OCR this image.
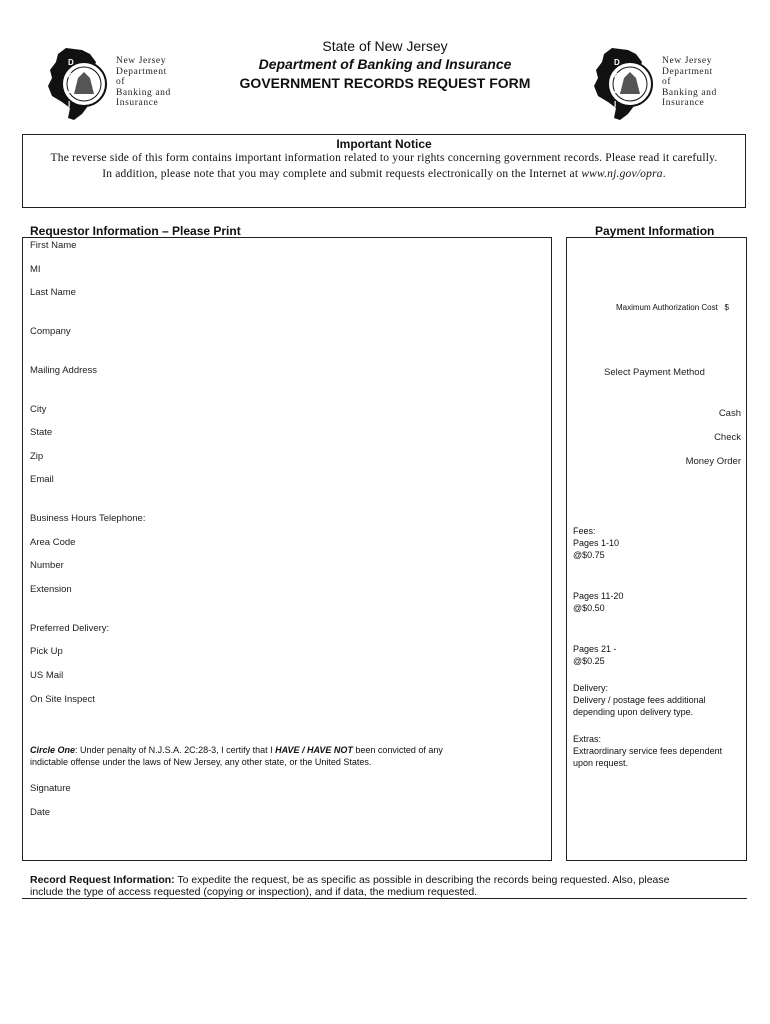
D
O
B
I
New Jersey
Department
of
Banking and
Insurance
D
O
B
I
New Jersey
Department
of
Banking and
Insurance
State of New Jersey
Department of Banking and Insurance
GOVERNMENT RECORDS REQUEST FORM
Important Notice
The reverse side of this form contains important information related to your rights concerning government records. Please read it carefully.
In addition, please note that you may complete and submit requests electronically on the Internet at www.nj.gov/opra.
Requestor Information – Please Print	Payment Information
First Name
MI
Last Name
Company
Mailing Address
City
State
Zip
Email
Business Hours Telephone:
Area Code
Number
Extension
Preferred Delivery:
Pick Up
US Mail
On Site Inspect
Circle One: Under penalty of N.J.S.A. 2C:28-3, I certify that I HAVE / HAVE NOT been convicted of any
indictable offense under the laws of New Jersey, any other state, or the United States.
Signature
Date
Maximum Authorization Cost $
Select Payment Method
Cash
Check
Money Order
Fees:
Pages 1-10
@$0.75
Pages 11-20
@$0.50
Pages 21 -
@$0.25
Delivery:
Delivery / postage fees additional
depending upon delivery type.
Extras:
Extraordinary service fees dependent
upon request.
Record Request Information: To expedite the request, be as specific as possible in describing the records being requested. Also, please
include the type of access requested (copying or inspection), and if data, the medium requested.
